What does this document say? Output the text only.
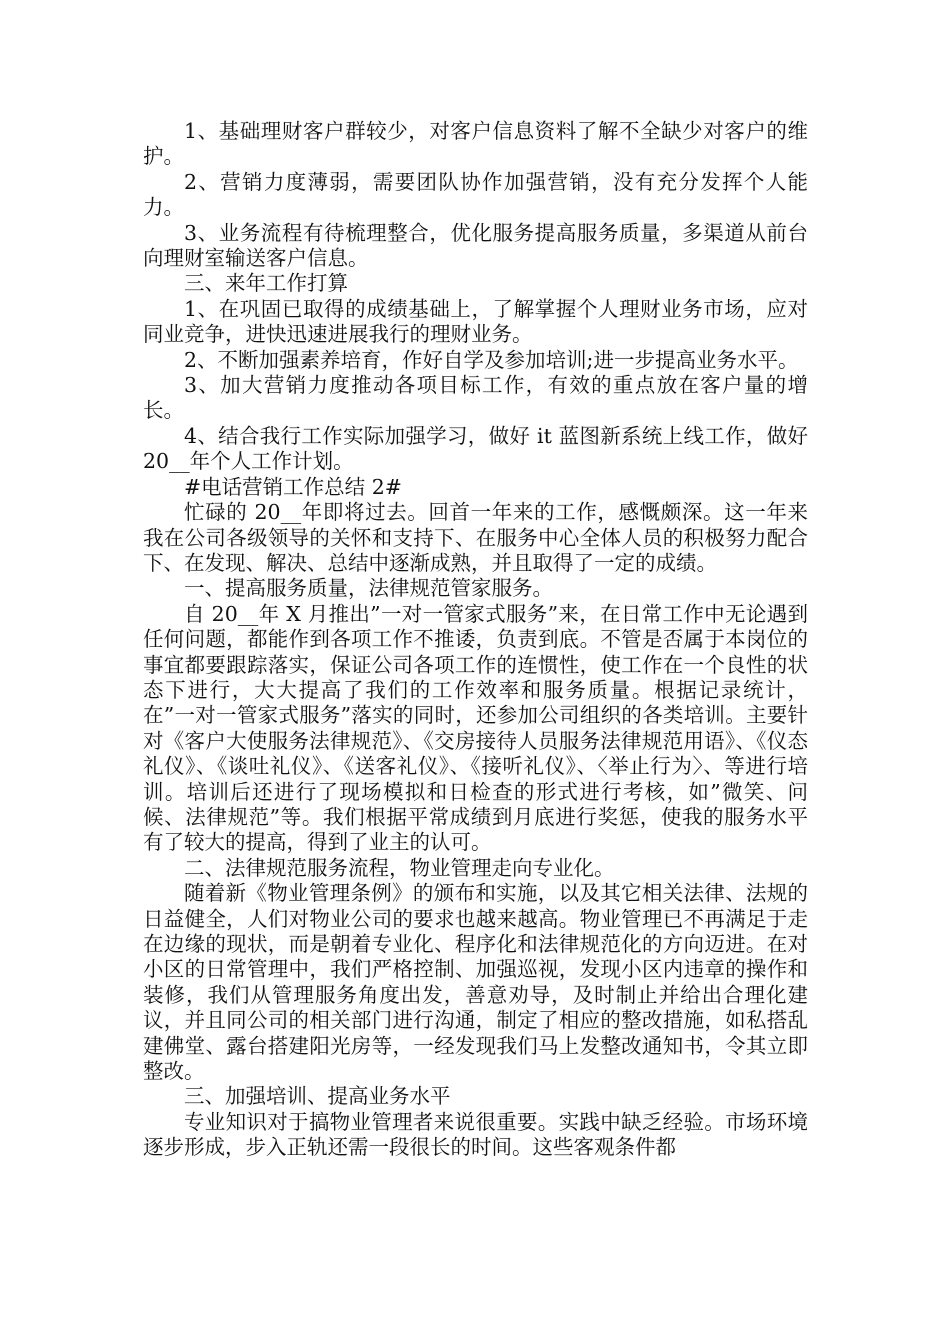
1、基础理财客户群较少，对客户信息资料了解不全缺少对客户的维护。

2、营销力度薄弱，需要团队协作加强营销，没有充分发挥个人能力。

3、业务流程有待梳理整合，优化服务提高服务质量，多渠道从前台向理财室输送客户信息。

三、来年工作打算

1、在巩固已取得的成绩基础上，了解掌握个人理财业务市场，应对同业竞争，进快迅速进展我行的理财业务。

2、不断加强素养培育，作好自学及参加培训;进一步提高业务水平。

3、加大营销力度推动各项目标工作，有效的重点放在客户量的增长。

4、结合我行工作实际加强学习，做好 it 蓝图新系统上线工作，做好 20__年个人工作计划。

#电话营销工作总结 2#

忙碌的 20__年即将过去。回首一年来的工作，感慨颇深。这一年来我在公司各级领导的关怀和支持下、在服务中心全体人员的积极努力配合下、在发现、解决、总结中逐渐成熟，并且取得了一定的成绩。

一、提高服务质量，法律规范管家服务。

自 20__年 X 月推出”一对一管家式服务”来，在日常工作中无论遇到任何问题，都能作到各项工作不推诿，负责到底。不管是否属于本岗位的事宜都要跟踪落实，保证公司各项工作的连惯性，使工作在一个良性的状态下进行，大大提高了我们的工作效率和服务质量。根据记录统计，在”一对一管家式服务”落实的同时，还参加公司组织的各类培训。主要针对《客户大使服务法律规范》、《交房接待人员服务法律规范用语》、《仪态礼仪》、《谈吐礼仪》、《送客礼仪》、《接听礼仪》、〈举止行为〉、等进行培训。培训后还进行了现场模拟和日检查的形式进行考核，如”微笑、问候、法律规范”等。我们根据平常成绩到月底进行奖惩，使我的服务水平有了较大的提高，得到了业主的认可。

二、法律规范服务流程，物业管理走向专业化。

随着新《物业管理条例》的颁布和实施，以及其它相关法律、法规的日益健全，人们对物业公司的要求也越来越高。物业管理已不再满足于走在边缘的现状，而是朝着专业化、程序化和法律规范化的方向迈进。在对小区的日常管理中，我们严格控制、加强巡视，发现小区内违章的操作和装修，我们从管理服务角度出发，善意劝导，及时制止并给出合理化建议，并且同公司的相关部门进行沟通，制定了相应的整改措施，如私搭乱建佛堂、露台搭建阳光房等，一经发现我们马上发整改通知书，令其立即整改。

三、加强培训、提高业务水平

专业知识对于搞物业管理者来说很重要。实践中缺乏经验。市场环境逐步形成，步入正轨还需一段很长的时间。这些客观条件都
